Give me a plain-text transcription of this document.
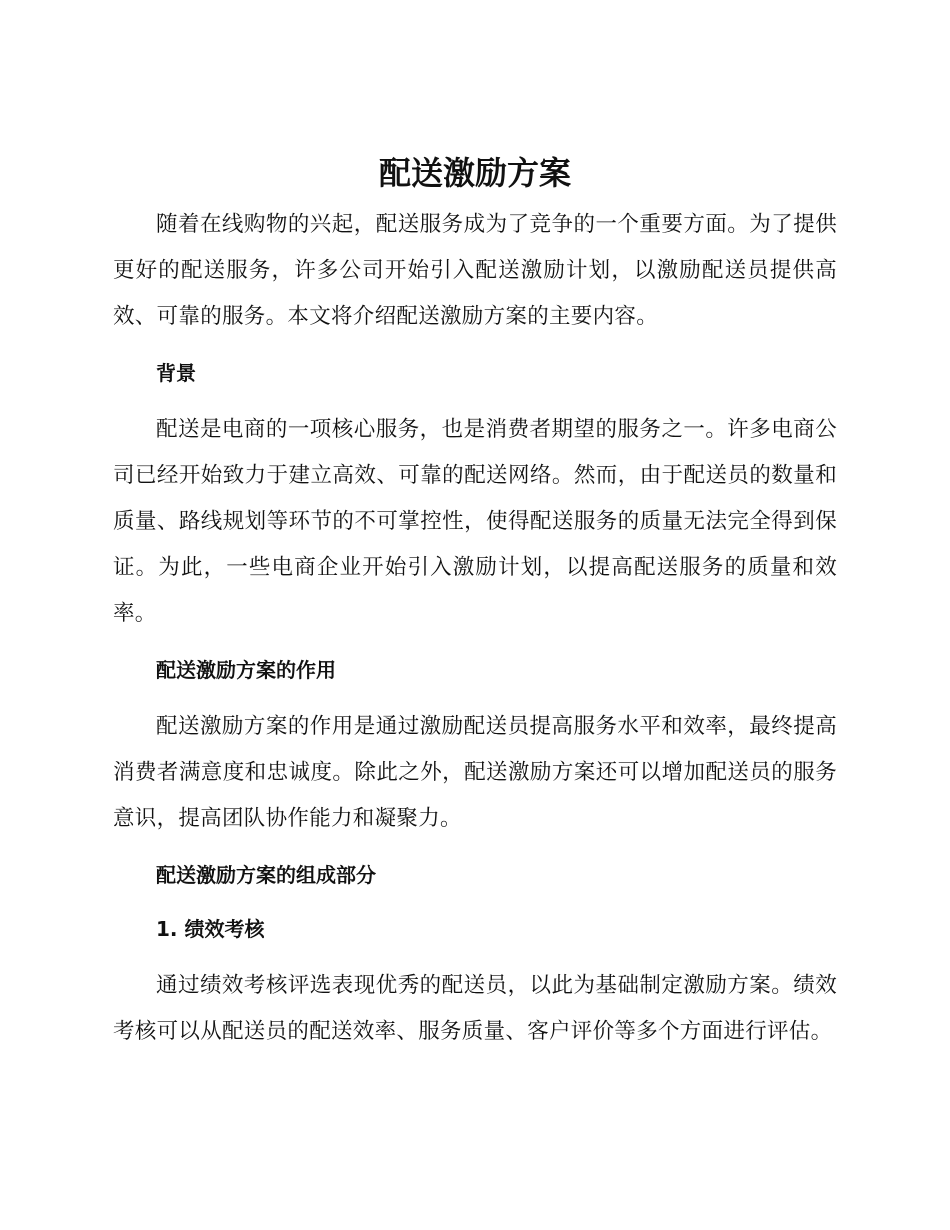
配送激励方案

随着在线购物的兴起，配送服务成为了竞争的一个重要方面。为了提供更好的配送服务，许多公司开始引入配送激励计划，以激励配送员提供高效、可靠的服务。本文将介绍配送激励方案的主要内容。

背景

配送是电商的一项核心服务，也是消费者期望的服务之一。许多电商公司已经开始致力于建立高效、可靠的配送网络。然而，由于配送员的数量和质量、路线规划等环节的不可掌控性，使得配送服务的质量无法完全得到保证。为此，一些电商企业开始引入激励计划，以提高配送服务的质量和效率。

配送激励方案的作用

配送激励方案的作用是通过激励配送员提高服务水平和效率，最终提高消费者满意度和忠诚度。除此之外，配送激励方案还可以增加配送员的服务意识，提高团队协作能力和凝聚力。

配送激励方案的组成部分
1. 绩效考核

通过绩效考核评选表现优秀的配送员，以此为基础制定激励方案。绩效考核可以从配送员的配送效率、服务质量、客户评价等多个方面进行评估。
